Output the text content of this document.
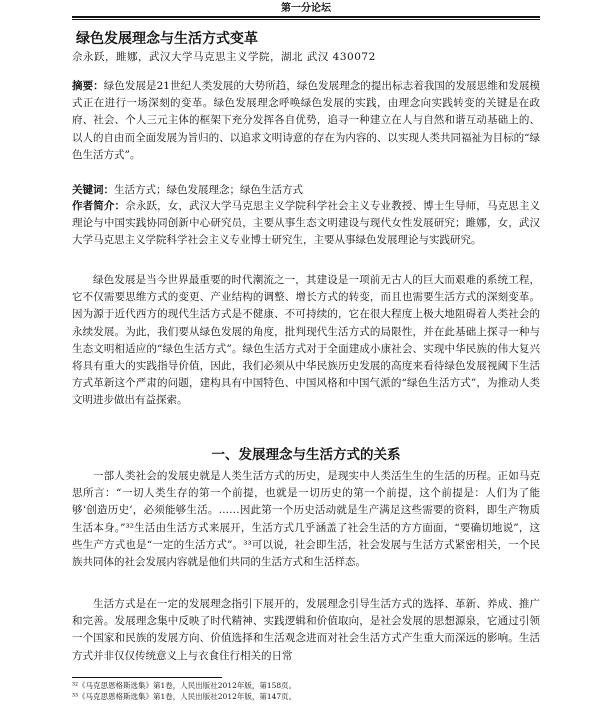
第一分论坛
绿色发展理念与生活方式变革
佘永跃，雎娜，武汉大学马克思主义学院，湖北 武汉 430072
摘要：绿色发展是21世纪人类发展的大势所趋，绿色发展理念的提出标志着我国的发展思维和发展模式正在进行一场深刻的变革。绿色发展理念呼唤绿色发展的实践，由理念向实践转变的关键是在政府、社会、个人三元主体的框架下充分发挥各自优势，追寻一种建立在人与自然和谐互动基础上的、以人的自由而全面发展为旨归的、以追求文明诗意的存在为内容的、以实现人类共同福祉为目标的“绿色生活方式”。
关键词：生活方式；绿色发展理念；绿色生活方式
作者简介：佘永跃，女，武汉大学马克思主义学院科学社会主义专业教授、博士生导师，马克思主义理论与中国实践协同创新中心研究员，主要从事生态文明建设与现代女性发展研究；雎娜，女，武汉大学马克思主义学院科学社会主义专业博士研究生，主要从事绿色发展理论与实践研究。
绿色发展是当今世界最重要的时代潮流之一，其建设是一项前无古人的巨大而艰难的系统工程，它不仅需要思维方式的变更、产业结构的调整、增长方式的转变，而且也需要生活方式的深刻变革。因为源于近代西方的现代生活方式是不健康、不可持续的，它在很大程度上极大地阻碍着人类社会的永续发展。为此，我们要从绿色发展的角度，批判现代生活方式的局限性，并在此基础上探寻一种与生态文明相适应的“绿色生活方式”。绿色生活方式对于全面建成小康社会、实现中华民族的伟大复兴将具有重大的实践指导价值，因此，我们必须从中华民族历史发展的高度来看待绿色发展视阈下生活方式革新这个严肃的问题，建构具有中国特色、中国风格和中国气派的“绿色生活方式”，为推动人类文明进步做出有益探索。
一、发展理念与生活方式的关系
一部人类社会的发展史就是人类生活方式的历史，是现实中人类活生生的生活的历程。正如马克思所言：“一切人类生存的第一个前提，也就是一切历史的第一个前提，这个前提是：人们为了能够‘创造历史’，必须能够生活。……因此第一个历史活动就是生产满足这些需要的资料，即生产物质生活本身。”³²生活由生活方式来展开，生活方式几乎涵盖了社会生活的方方面面，“要确切地说”，这些生产方式也是“一定的生活方式”。³³可以说，社会即生活，社会发展与生活方式紧密相关，一个民族共同体的社会发展内容就是他们共同的生活方式和生活样态。
生活方式是在一定的发展理念指引下展开的，发展理念引导生活方式的选择、革新、养成、推广和完善。发展理念集中反映了时代精神、实践逻辑和价值取向，是社会发展的思想源泉，它通过引领一个国家和民族的发展方向、价值选择和生活观念进而对社会生活方式产生重大而深远的影响。生活方式并非仅仅传统意义上与衣食住行相关的日常
³²《马克思恩格斯选集》第1卷，人民出版社2012年版，第158页。
³³《马克思恩格斯选集》第1卷，人民出版社2012年版，第147页。
